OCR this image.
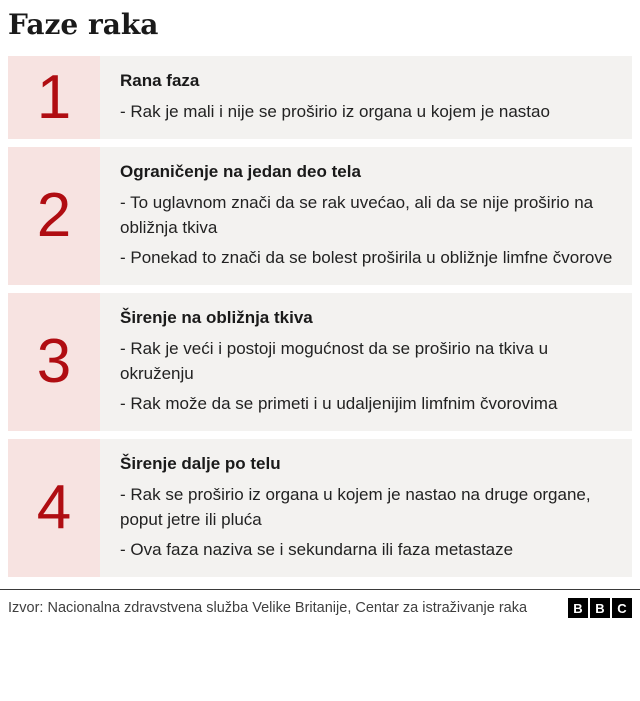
Faze raka
1	Rana faza

- Rak je mali i nije se proširio iz organa u kojem je nastao

2

Ograničenje na jedan deo tela

- To uglavnom znači da se rak uvećao, ali da se nije proširio na obližnja tkiva

- Ponekad to znači da se bolest proširila u obližnje limfne čvorove

3

Širenje na obližnja tkiva

- Rak je veći i postoji mogućnost da se proširio na tkiva u okruženju

- Rak može da se primeti i u udaljenijim limfnim čvorovima

4

Širenje dalje po telu

- Rak se proširio iz organa u kojem je nastao na druge organe, poput jetre ili pluća

- Ova faza naziva se i sekundarna ili faza metastaze

Izvor: Nacionalna zdravstvena služba Velike Britanije, Centar za istraživanje raka	B B C
